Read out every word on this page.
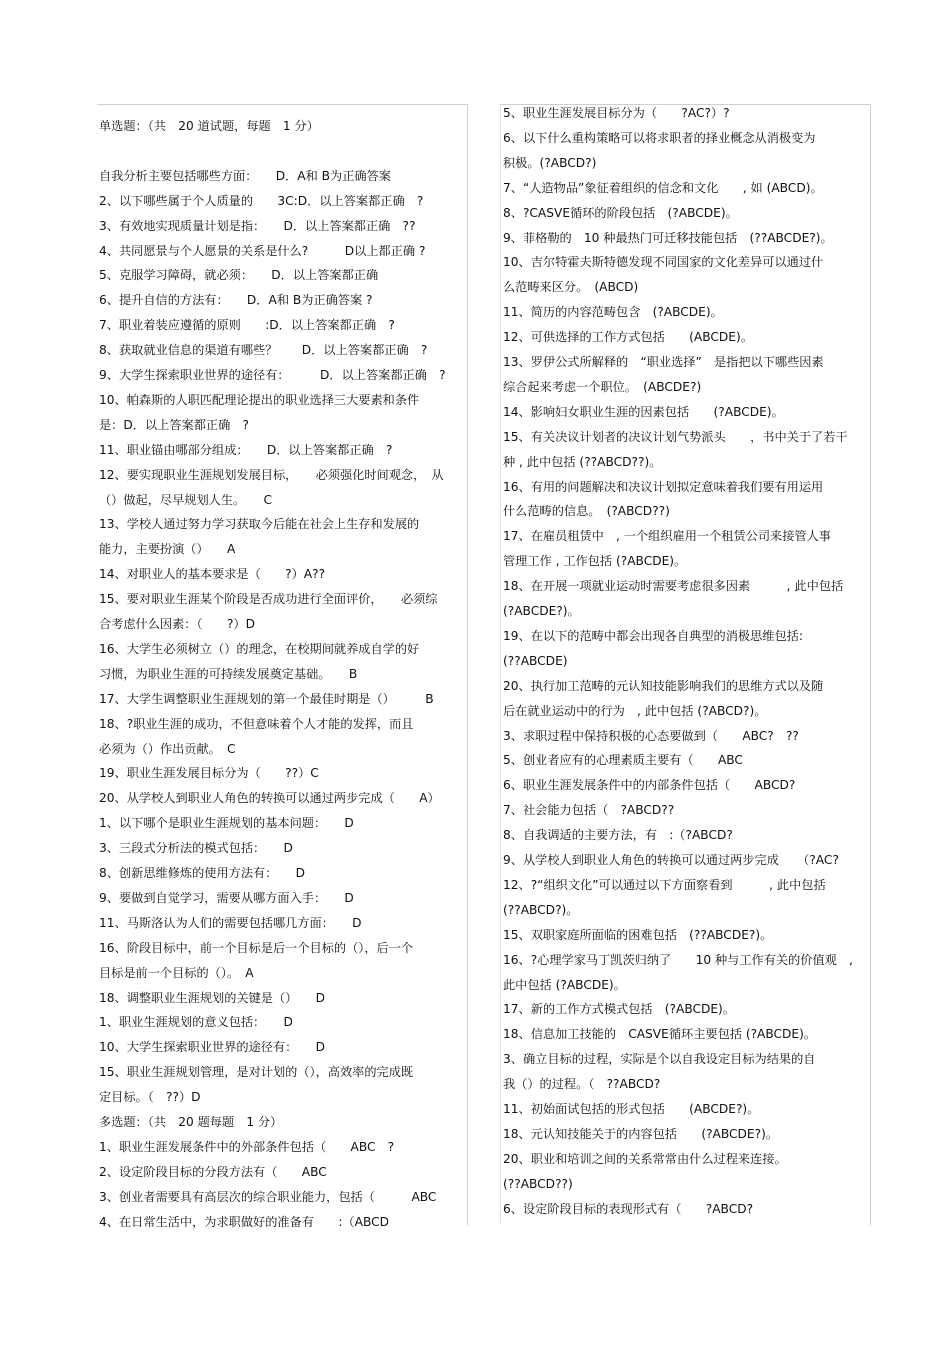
单选题：（共　20 道试题，每题　1 分）
自我分析主要包括哪些方面：　　D．A和 B为正确答案
2、以下哪些属于个人质量的　　3C:D．以上答案都正确　?
3、有效地实现质量计划是指：　　D．以上答案都正确　??
4、共同愿景与个人愿景的关系是什么?　　　D以上都正确 ?
5、克服学习障碍，就必须：　　D．以上答案都正确
6、提升自信的方法有：　　D．A和 B为正确答案 ?
7、职业着装应遵循的原则　　:D．以上答案都正确　?
8、获取就业信息的渠道有哪些？　　D．以上答案都正确　?
9、大学生探索职业世界的途径有：　　　D．以上答案都正确　?
10、帕森斯的人职匹配理论提出的职业选择三大要素和条件
是：D．以上答案都正确　?
11、职业锚由哪部分组成：　　D．以上答案都正确　?
12、要实现职业生涯规划发展目标，　　必须强化时间观念，　从
（）做起，尽早规划人生。　　C
13、学校人通过努力学习获取今后能在社会上生存和发展的
能力，主要扮演（）　　A
14、对职业人的基本要求是（　　?）A??
15、要对职业生涯某个阶段是否成功进行全面评价，　　必须综
合考虑什么因素：（　　?）D
16、大学生必须树立（）的理念，在校期间就养成自学的好
习惯，为职业生涯的可持续发展奠定基础。　　B
17、大学生调整职业生涯规划的第一个最佳时期是（）　　　B
18、?职业生涯的成功，不但意味着个人才能的发挥，而且
必须为（）作出贡献。　C
19、职业生涯发展目标分为（　　??）C
20、从学校人到职业人角色的转换可以通过两步完成（　　A）
1、以下哪个是职业生涯规划的基本问题：　　D
3、三段式分析法的模式包括：　　D
8、创新思维修炼的使用方法有：　　D
9、要做到自觉学习，需要从哪方面入手：　　D
11、马斯洛认为人们的需要包括哪几方面：　　D
16、阶段目标中，前一个目标是后一个目标的（），后一个
目标是前一个目标的（）。　A
18、调整职业生涯规划的关键是（）　　D
1、职业生涯规划的意义包括：　　D
10、大学生探索职业世界的途径有：　　D
15、职业生涯规划管理，是对计划的（），高效率的完成既
定目标。（　??）D
多选题：（共　20 题每题　1 分）
1、职业生涯发展条件中的外部条件包括（　　ABC　?
2、设定阶段目标的分段方法有（　　ABC
3、创业者需要具有高层次的综合职业能力，包括（　　　ABC
4、在日常生活中，为求职做好的准备有　　:（ABCD
5、职业生涯发展目标分为（　　?AC?）?
6、以下什么重构策略可以将求职者的择业概念从消极变为
积极。(?ABCD?)
7、“人造物品”象征着组织的信念和文化　　, 如 (ABCD)。
8、?CASVE循环的阶段包括　(?ABCDE)。
9、菲格勒的　10 种最热门可迁移技能包括　(??ABCDE?)。
10、吉尔特霍夫斯特德发现不同国家的文化差异可以通过什
么范畴来区分。　(ABCD)
11、简历的内容范畴包含　(?ABCDE)。
12、可供选择的工作方式包括　　(ABCDE)。
13、罗伊公式所解释的　“职业选择”　是指把以下哪些因素
综合起来考虑一个职位。　(ABCDE?)
14、影响妇女职业生涯的因素包括　　(?ABCDE)。
15、有关决议计划者的决议计划气势派头　　，书中关于了若干
种 , 此中包括 (??ABCD??)。
16、有用的问题解决和决议计划拟定意味着我们要有用运用
什么范畴的信息。　(?ABCD??)
17、在雇员租赁中　, 一个组织雇用一个租赁公司来接管人事
管理工作 , 工作包括 (?ABCDE)。
18、在开展一项就业运动时需要考虑很多因素　　　, 此中包括
(?ABCDE?)。
19、在以下的范畴中都会出现各自典型的消极思维包括:
(??ABCDE)
20、执行加工范畴的元认知技能影响我们的思维方式以及随
后在就业运动中的行为　, 此中包括 (?ABCD?)。
3、求职过程中保持积极的心态要做到（　　ABC?　??
5、创业者应有的心理素质主要有（　　ABC
6、职业生涯发展条件中的内部条件包括（　　ABCD?
7、社会能力包括（　?ABCD??
8、自我调适的主要方法，有　:（?ABCD?
9、从学校人到职业人角色的转换可以通过两步完成　　（?AC?
12、?“组织文化”可以通过以下方面察看到　　　, 此中包括
(??ABCD?)。
15、双职家庭所面临的困难包括　(??ABCDE?)。
16、?心理学家马丁凯茨归纳了　　10 种与工作有关的价值观　,
此中包括 (?ABCDE)。
17、新的工作方式模式包括　(?ABCDE)。
18、信息加工技能的　CASVE循环主要包括 (?ABCDE)。
3、确立目标的过程，实际是个以自我设定目标为结果的自
我（）的过程。（　??ABCD?
11、初始面试包括的形式包括　　(ABCDE?)。
18、元认知技能关于的内容包括　　(?ABCDE?)。
20、职业和培训之间的关系常常由什么过程来连接。
(??ABCD??)
6、设定阶段目标的表现形式有（　　?ABCD?
